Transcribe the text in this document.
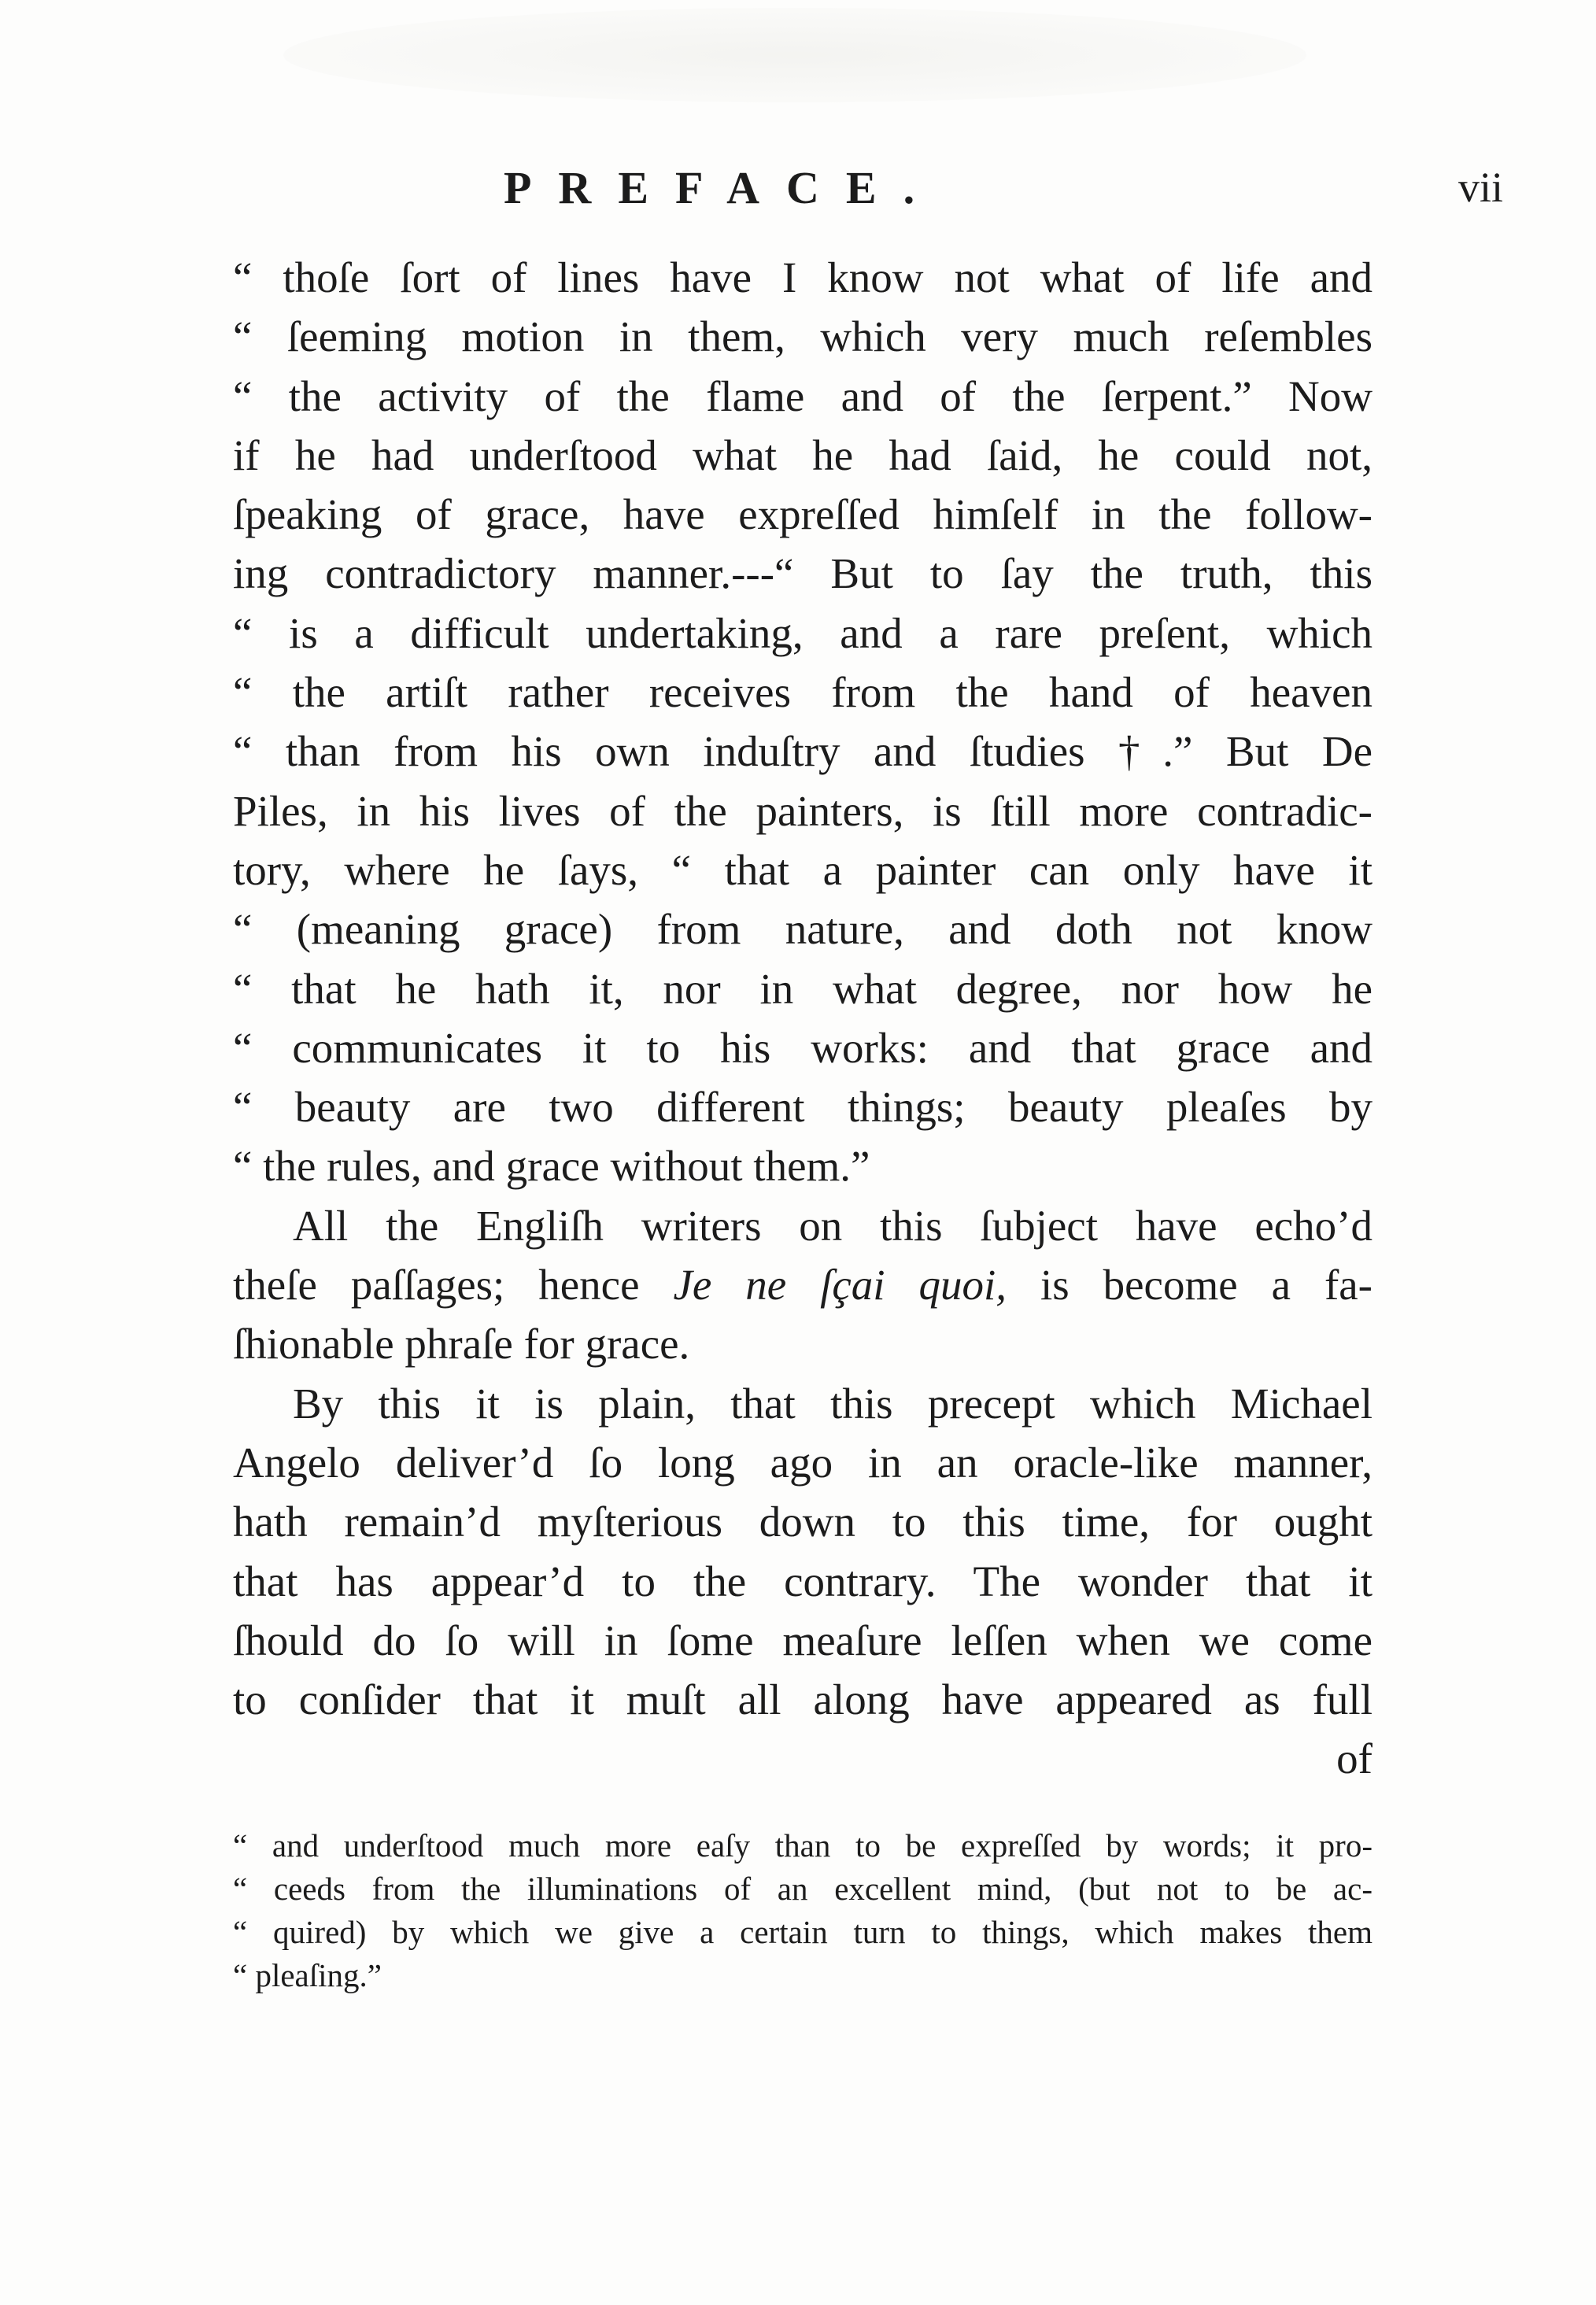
PREFACE.	vii
“ thoſe ſort of lines have I know not what of life and
“ ſeeming motion in them, which very much reſembles
“ the activity of the flame and of the ſerpent.” Now
if he had underſtood what he had ſaid, he could not,
ſpeaking of grace, have expreſſed himſelf in the follow-
ing contradictory manner.---“ But to ſay the truth, this
“ is a difficult undertaking, and a rare preſent, which
“ the artiſt rather receives from the hand of heaven
“ than from his own induſtry and ſtudies †.” But De
Piles, in his lives of the painters, is ſtill more contradic-
tory, where he ſays, “ that a painter can only have it
“ (meaning grace) from nature, and doth not know
“ that he hath it, nor in what degree, nor how he
“ communicates it to his works: and that grace and
“ beauty are two different things; beauty pleaſes by
“ the rules, and grace without them.”
All the Engliſh writers on this ſubject have echo’d
theſe paſſages; hence Je ne ſçai quoi, is become a fa-
ſhionable phraſe for grace.
By this it is plain, that this precept which Michael
Angelo deliver’d ſo long ago in an oracle-like manner,
hath remain’d myſterious down to this time, for ought
that has appear’d to the contrary. The wonder that it
ſhould do ſo will in ſome meaſure leſſen when we come
to conſider that it muſt all along have appeared as full
of
“ and underſtood much more eaſy than to be expreſſed by words; it pro-
“ ceeds from the illuminations of an excellent mind, (but not to be ac-
“ quired) by which we give a certain turn to things, which makes them
“ pleaſing.”
